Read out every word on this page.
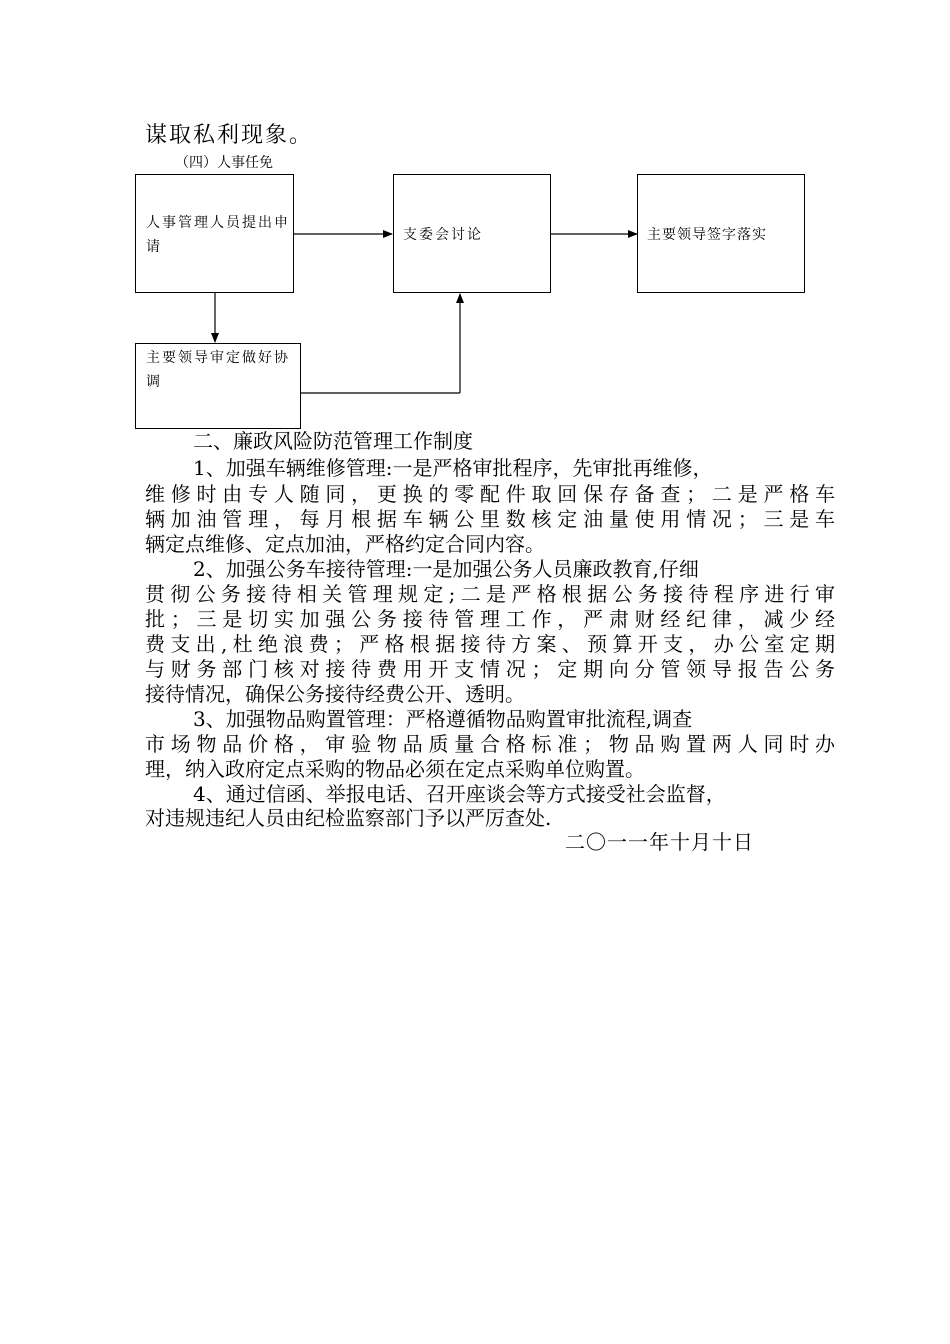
谋取私利现象。
（四）人事任免
人事管理人员提出申请
支委会讨论	主要领导签字落实
主要领导审定做好协调
二、廉政风险防范管理工作制度
1、加强车辆维修管理:一是严格审批程序，先审批再维修，
维修时由专人随同，更换的零配件取回保存备查；二是严格车
辆加油管理，每月根据车辆公里数核定油量使用情况；三是车
辆定点维修、定点加油，严格约定合同内容。
2、加强公务车接待管理:一是加强公务人员廉政教育,仔细
贯彻公务接待相关管理规定;二是严格根据公务接待程序进行审
批；三是切实加强公务接待管理工作，严肃财经纪律，减少经
费支出,杜绝浪费；严格根据接待方案、预算开支，办公室定期
与财务部门核对接待费用开支情况；定期向分管领导报告公务
接待情况，确保公务接待经费公开、透明。
3、加强物品购置管理：严格遵循物品购置审批流程,调查
市场物品价格，审验物品质量合格标准；物品购置两人同时办
理，纳入政府定点采购的物品必须在定点采购单位购置。
4、通过信函、举报电话、召开座谈会等方式接受社会监督，
对违规违纪人员由纪检监察部门予以严厉查处.
二〇一一年十月十日
